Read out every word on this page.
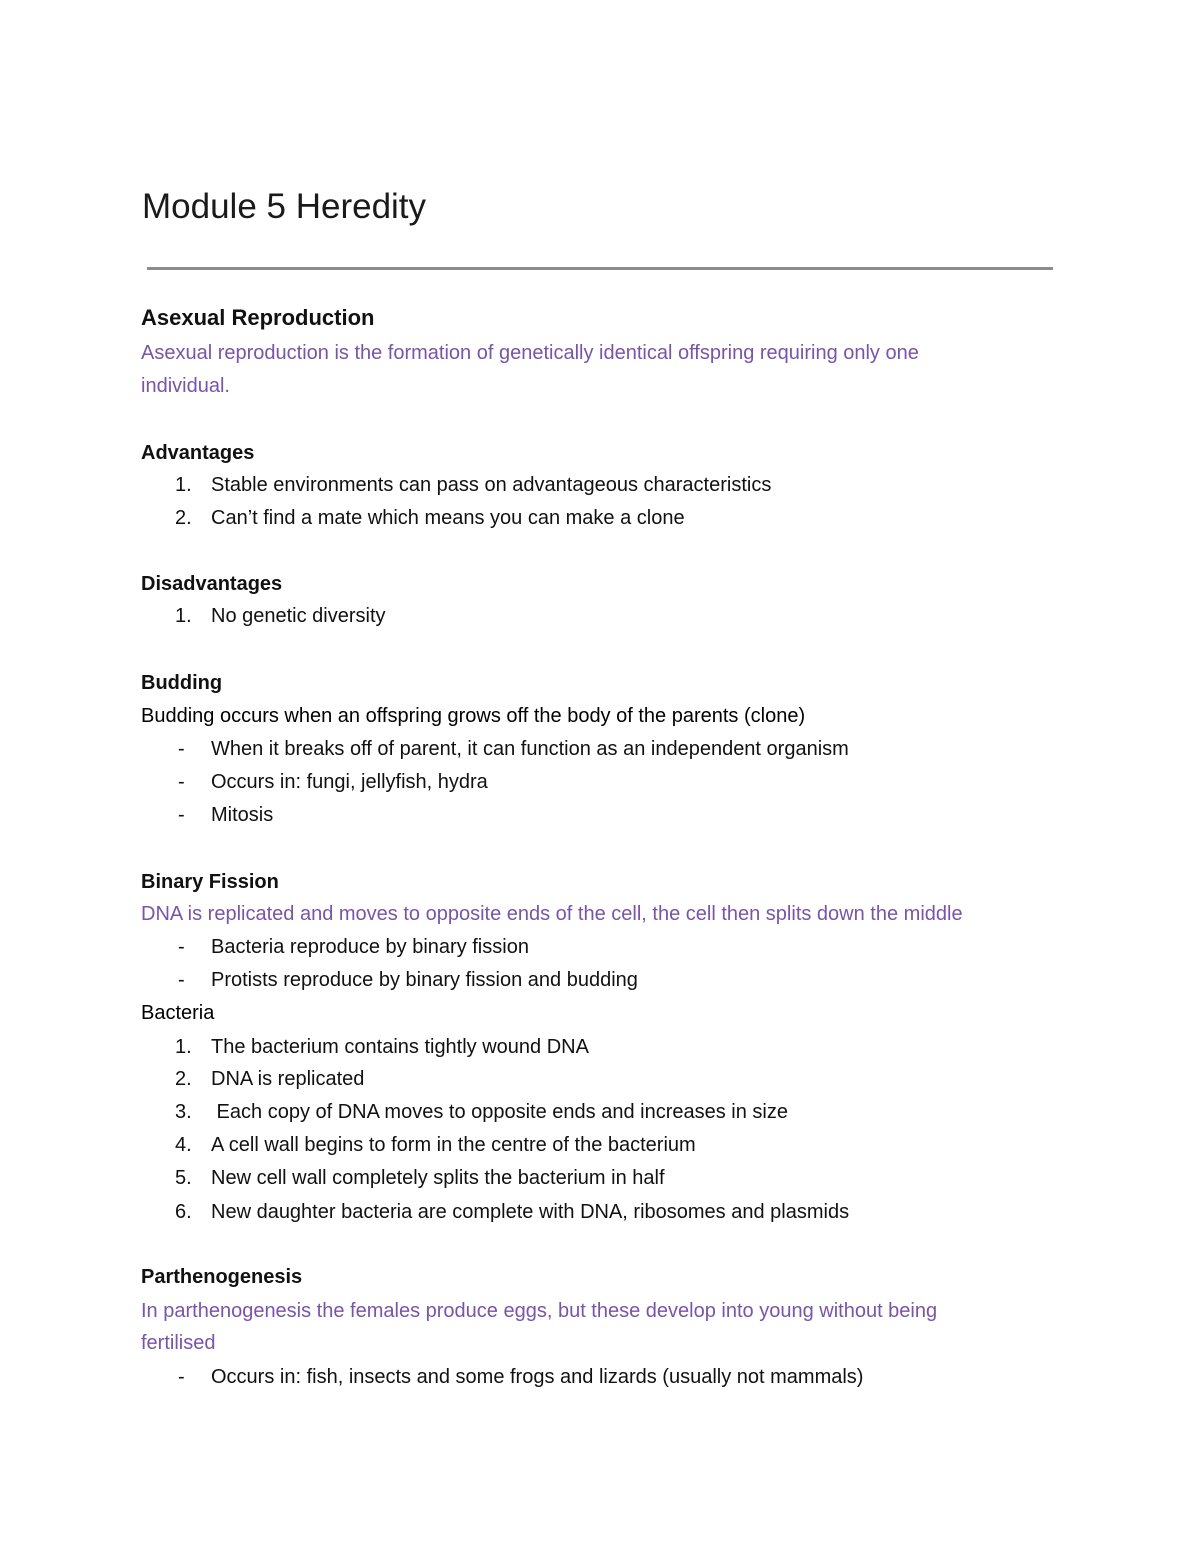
Module 5 Heredity
Asexual Reproduction
Asexual reproduction is the formation of genetically identical offspring requiring only one
individual.
Advantages
1. Stable environments can pass on advantageous characteristics
2. Can’t find a mate which means you can make a clone
Disadvantages
1. No genetic diversity
Budding
Budding occurs when an offspring grows off the body of the parents (clone)
-	When it breaks off of parent, it can function as an independent organism
-	Occurs in: fungi, jellyfish, hydra
-	Mitosis
Binary Fission
DNA is replicated and moves to opposite ends of the cell, the cell then splits down the middle
-	Bacteria reproduce by binary fission
-	Protists reproduce by binary fission and budding
Bacteria
1. The bacterium contains tightly wound DNA
2. DNA is replicated
3. Each copy of DNA moves to opposite ends and increases in size
4. A cell wall begins to form in the centre of the bacterium
5. New cell wall completely splits the bacterium in half
6. New daughter bacteria are complete with DNA, ribosomes and plasmids
Parthenogenesis
In parthenogenesis the females produce eggs, but these develop into young without being
fertilised
-	Occurs in: fish, insects and some frogs and lizards (usually not mammals)
